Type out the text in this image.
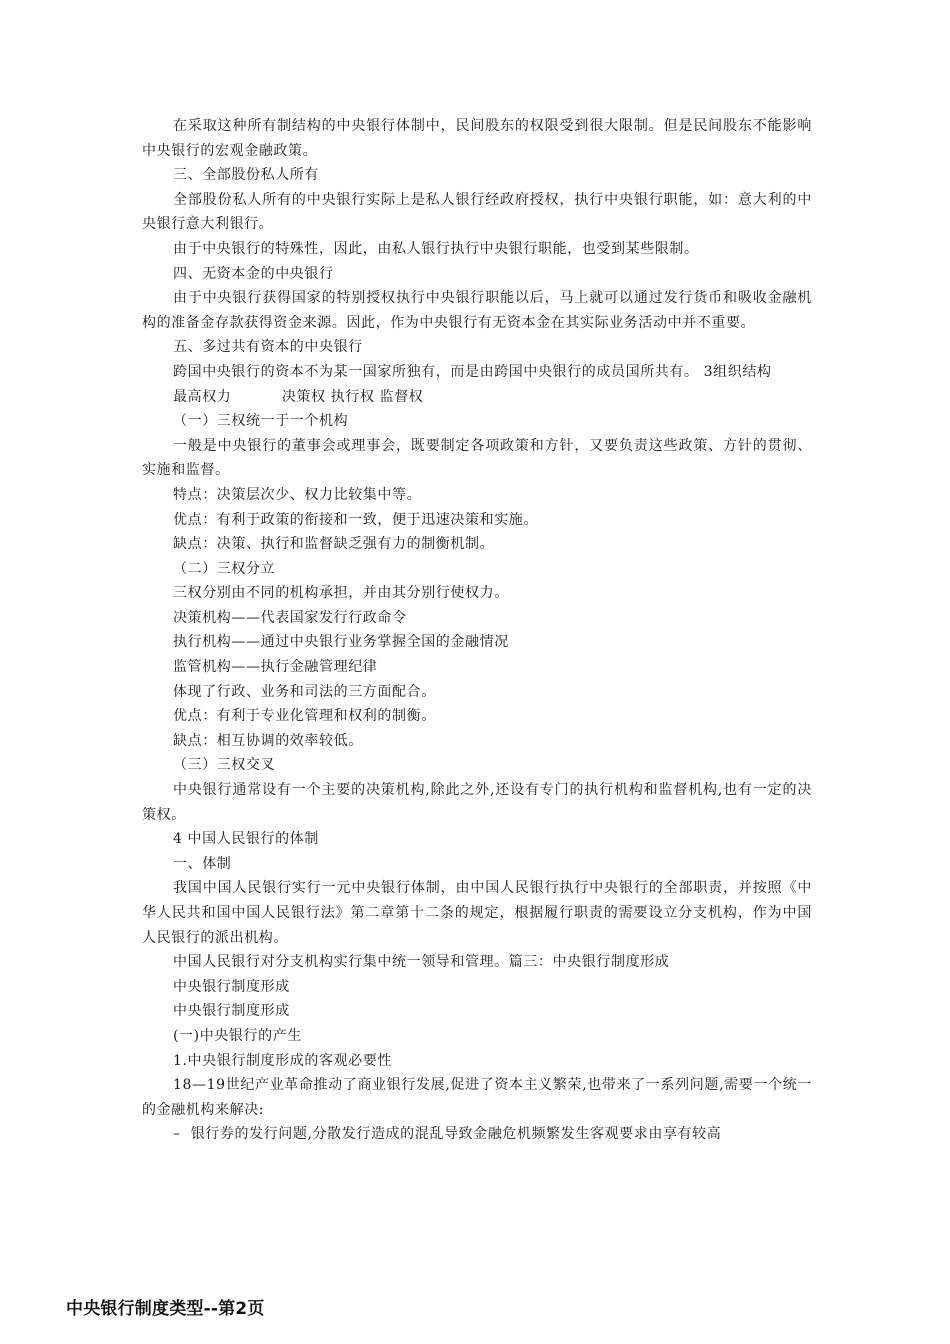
在采取这种所有制结构的中央银行体制中，民间股东的权限受到很大限制。但是民间股东不能影响中央银行的宏观金融政策。

三、全部股份私人所有

全部股份私人所有的中央银行实际上是私人银行经政府授权，执行中央银行职能，如：意大利的中央银行意大利银行。

由于中央银行的特殊性，因此，由私人银行执行中央银行职能，也受到某些限制。

四、无资本金的中央银行

由于中央银行获得国家的特别授权执行中央银行职能以后，马上就可以通过发行货币和吸收金融机构的准备金存款获得资金来源。因此，作为中央银行有无资本金在其实际业务活动中并不重要。

五、多过共有资本的中央银行

跨国中央银行的资本不为某一国家所独有，而是由跨国中央银行的成员国所共有。 3组织结构

最高权力          决策权 执行权 监督权

（一）三权统一于一个机构

一般是中央银行的董事会或理事会，既要制定各项政策和方针，又要负责这些政策、方针的贯彻、实施和监督。

特点：决策层次少、权力比较集中等。

优点：有利于政策的衔接和一致，便于迅速决策和实施。

缺点：决策、执行和监督缺乏强有力的制衡机制。

（二）三权分立

三权分别由不同的机构承担，并由其分别行使权力。

决策机构——代表国家发行行政命令

执行机构——通过中央银行业务掌握全国的金融情况

监管机构——执行金融管理纪律

体现了行政、业务和司法的三方面配合。

优点：有利于专业化管理和权利的制衡。

缺点：相互协调的效率较低。

（三）三权交叉

中央银行通常设有一个主要的决策机构,除此之外,还设有专门的执行机构和监督机构,也有一定的决策权。

4 中国人民银行的体制

一、体制

我国中国人民银行实行一元中央银行体制，由中国人民银行执行中央银行的全部职责，并按照《中华人民共和国中国人民银行法》第二章第十二条的规定，根据履行职责的需要设立分支机构，作为中国人民银行的派出机构。

中国人民银行对分支机构实行集中统一领导和管理。篇三：中央银行制度形成

中央银行制度形成

中央银行制度形成

(一)中央银行的产生

1.中央银行制度形成的客观必要性

18—19世纪产业革命推动了商业银行发展,促进了资本主义繁荣,也带来了一系列问题,需要一个统一的金融机构来解决:

–  银行券的发行问题,分散发行造成的混乱导致金融危机频繁发生客观要求由享有较高

中央银行制度类型--第2页
